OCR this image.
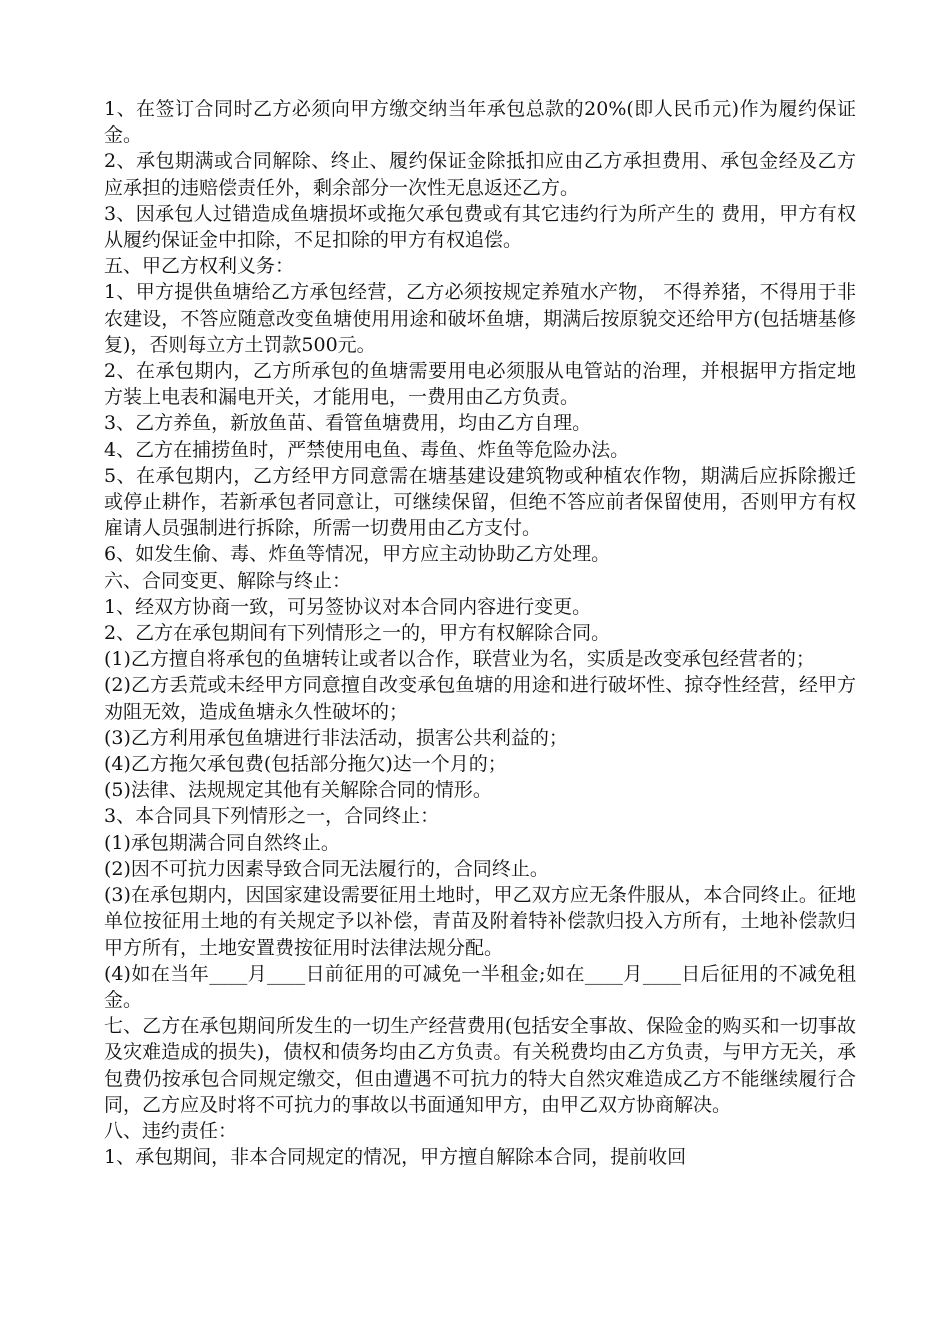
1、在签订合同时乙方必须向甲方缴交纳当年承包总款的20%(即人民币元)作为履约保证金。

2、承包期满或合同解除、终止、履约保证金除抵扣应由乙方承担费用、承包金经及乙方应承担的违赔偿责任外，剩余部分一次性无息返还乙方。

3、因承包人过错造成鱼塘损坏或拖欠承包费或有其它违约行为所产生的 费用，甲方有权从履约保证金中扣除，不足扣除的甲方有权追偿。

五、甲乙方权利义务：

1、甲方提供鱼塘给乙方承包经营，乙方必须按规定养殖水产物， 不得养猪，不得用于非农建设，不答应随意改变鱼塘使用用途和破坏鱼塘，期满后按原貌交还给甲方(包括塘基修复)，否则每立方土罚款500元。

2、在承包期内，乙方所承包的鱼塘需要用电必须服从电管站的治理，并根据甲方指定地方装上电表和漏电开关，才能用电，一费用由乙方负责。

3、乙方养鱼，新放鱼苗、看管鱼塘费用，均由乙方自理。

4、乙方在捕捞鱼时，严禁使用电鱼、毒鱼、炸鱼等危险办法。

5、在承包期内，乙方经甲方同意需在塘基建设建筑物或种植农作物，期满后应拆除搬迁或停止耕作，若新承包者同意让，可继续保留，但绝不答应前者保留使用，否则甲方有权雇请人员强制进行拆除，所需一切费用由乙方支付。

6、如发生偷、毒、炸鱼等情况，甲方应主动协助乙方处理。

六、合同变更、解除与终止：

1、经双方协商一致，可另签协议对本合同内容进行变更。

2、乙方在承包期间有下列情形之一的，甲方有权解除合同。

(1)乙方擅自将承包的鱼塘转让或者以合作，联营业为名，实质是改变承包经营者的；

(2)乙方丢荒或未经甲方同意擅自改变承包鱼塘的用途和进行破坏性、掠夺性经营，经甲方劝阻无效，造成鱼塘永久性破坏的；

(3)乙方利用承包鱼塘进行非法活动，损害公共利益的；

(4)乙方拖欠承包费(包括部分拖欠)达一个月的；

(5)法律、法规规定其他有关解除合同的情形。

3、本合同具下列情形之一，合同终止：

(1)承包期满合同自然终止。

(2)因不可抗力因素导致合同无法履行的，合同终止。

(3)在承包期内，因国家建设需要征用土地时，甲乙双方应无条件服从，本合同终止。征地单位按征用土地的有关规定予以补偿，青苗及附着特补偿款归投入方所有，土地补偿款归甲方所有，土地安置费按征用时法律法规分配。

(4)如在当年____月____日前征用的可减免一半租金;如在____月____日后征用的不减免租金。

七、乙方在承包期间所发生的一切生产经营费用(包括安全事故、保险金的购买和一切事故及灾难造成的损失)，债权和债务均由乙方负责。有关税费均由乙方负责，与甲方无关，承包费仍按承包合同规定缴交，但由遭遇不可抗力的特大自然灾难造成乙方不能继续履行合同，乙方应及时将不可抗力的事故以书面通知甲方，由甲乙双方协商解决。

八、违约责任：

1、承包期间，非本合同规定的情况，甲方擅自解除本合同，提前收回
